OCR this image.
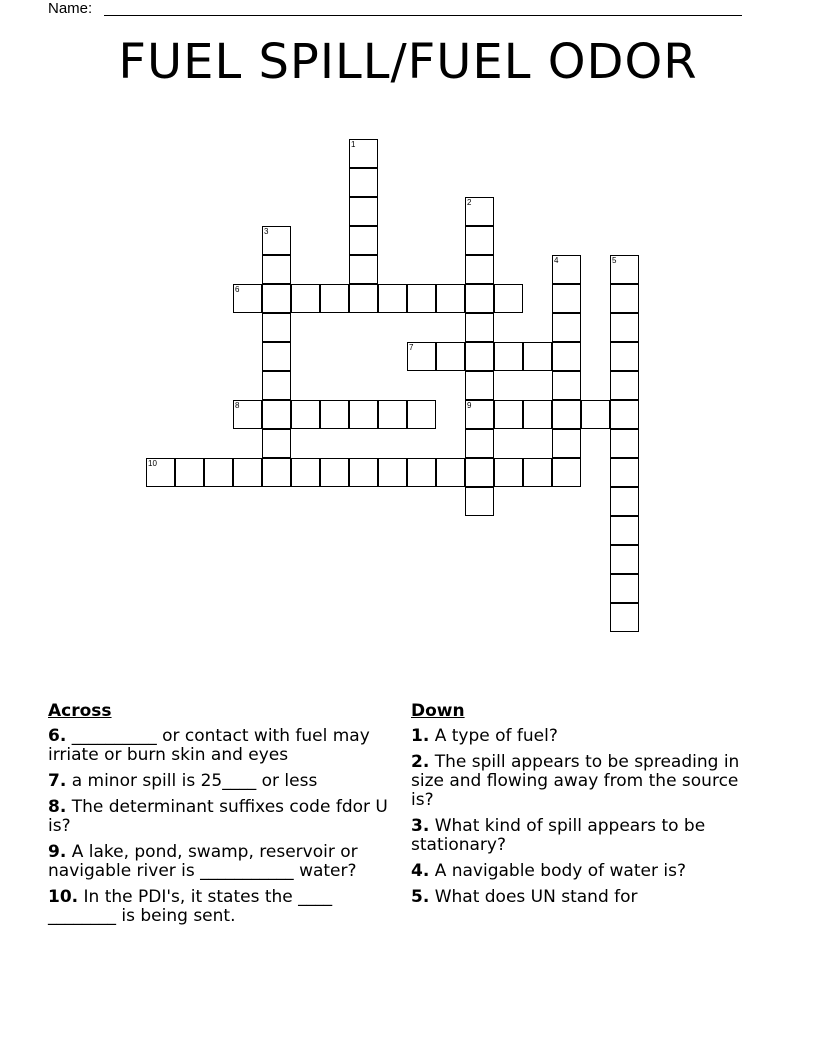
Name:
FUEL SPILL/FUEL ODOR
1
2
9
3
4	5
6
7
8
10
Across
6. __________ or contact with fuel may irriate or burn skin and eyes
7. a minor spill is 25____ or less
8. The determinant suffixes code fdor U is?
9. A lake, pond, swamp, reservoir or navigable river is ___________ water?
10. In the PDI's, it states the ____ ________ is being sent.
Down
1. A type of fuel?
2. The spill appears to be spreading in size and flowing away from the source is?
3. What kind of spill appears to be stationary?
4. A navigable body of water is?
5. What does UN stand for
